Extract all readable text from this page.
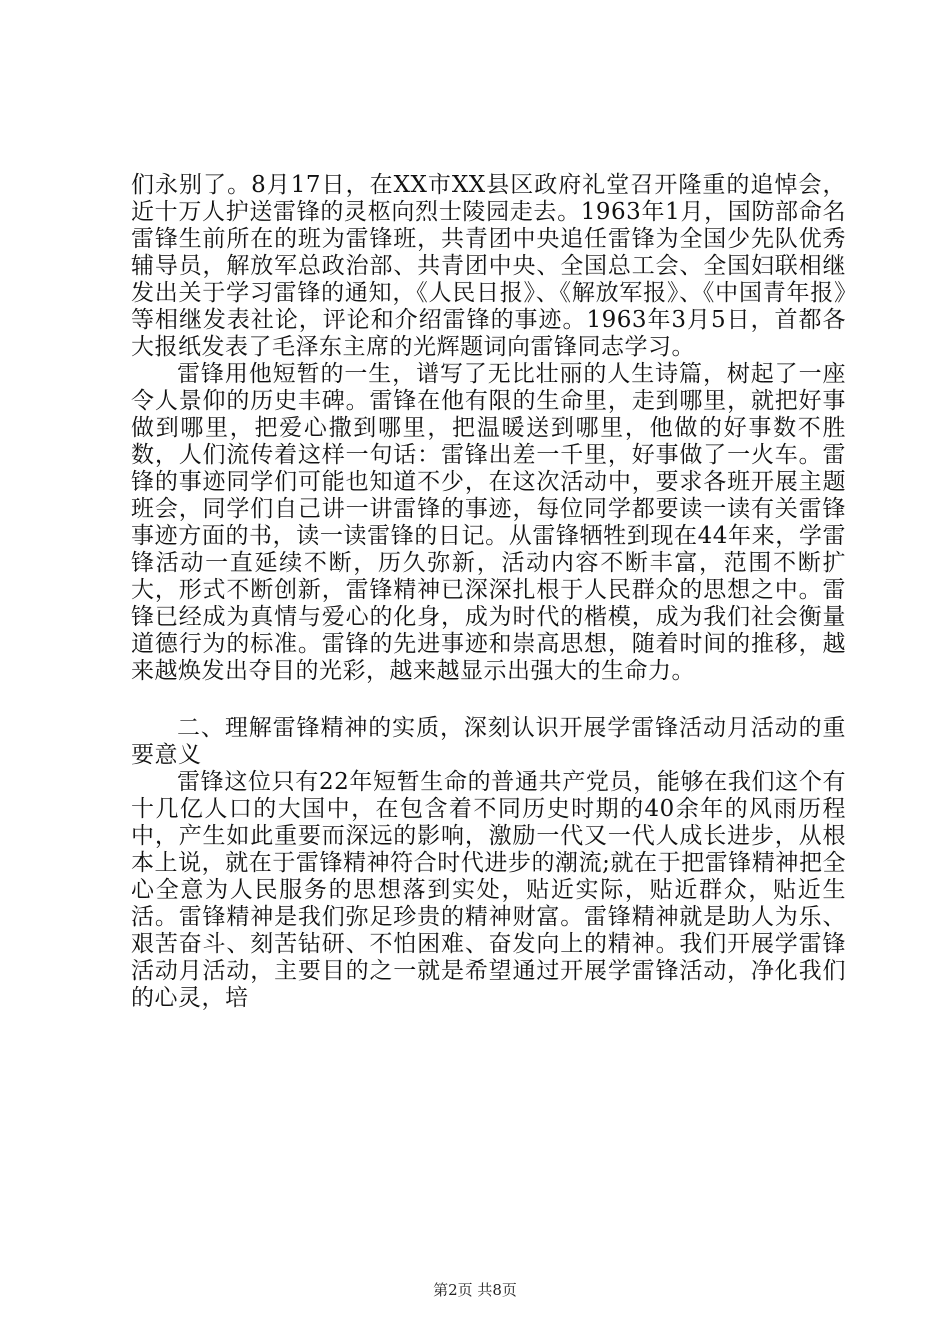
们永别了。8月17日，在XX市XX县区政府礼堂召开隆重的追悼会，近十万人护送雷锋的灵柩向烈士陵园走去。1963年1月，国防部命名雷锋生前所在的班为雷锋班，共青团中央追任雷锋为全国少先队优秀辅导员，解放军总政治部、共青团中央、全国总工会、全国妇联相继发出关于学习雷锋的通知，《人民日报》、《解放军报》、《中国青年报》等相继发表社论，评论和介绍雷锋的事迹。1963年3月5日，首都各大报纸发表了毛泽东主席的光辉题词向雷锋同志学习。

雷锋用他短暂的一生，谱写了无比壮丽的人生诗篇，树起了一座令人景仰的历史丰碑。雷锋在他有限的生命里，走到哪里，就把好事做到哪里，把爱心撒到哪里，把温暖送到哪里，他做的好事数不胜数，人们流传着这样一句话：雷锋出差一千里，好事做了一火车。雷锋的事迹同学们可能也知道不少，在这次活动中，要求各班开展主题班会，同学们自己讲一讲雷锋的事迹，每位同学都要读一读有关雷锋事迹方面的书，读一读雷锋的日记。从雷锋牺牲到现在44年来，学雷锋活动一直延续不断，历久弥新，活动内容不断丰富，范围不断扩大，形式不断创新，雷锋精神已深深扎根于人民群众的思想之中。雷锋已经成为真情与爱心的化身，成为时代的楷模，成为我们社会衡量道德行为的标准。雷锋的先进事迹和崇高思想，随着时间的推移，越来越焕发出夺目的光彩，越来越显示出强大的生命力。

二、理解雷锋精神的实质，深刻认识开展学雷锋活动月活动的重要意义

雷锋这位只有22年短暂生命的普通共产党员，能够在我们这个有十几亿人口的大国中，在包含着不同历史时期的40余年的风雨历程中，产生如此重要而深远的影响，激励一代又一代人成长进步，从根本上说，就在于雷锋精神符合时代进步的潮流;就在于把雷锋精神把全心全意为人民服务的思想落到实处，贴近实际，贴近群众，贴近生活。雷锋精神是我们弥足珍贵的精神财富。雷锋精神就是助人为乐、艰苦奋斗、刻苦钻研、不怕困难、奋发向上的精神。我们开展学雷锋活动月活动，主要目的之一就是希望通过开展学雷锋活动，净化我们的心灵，培

第2页 共8页
